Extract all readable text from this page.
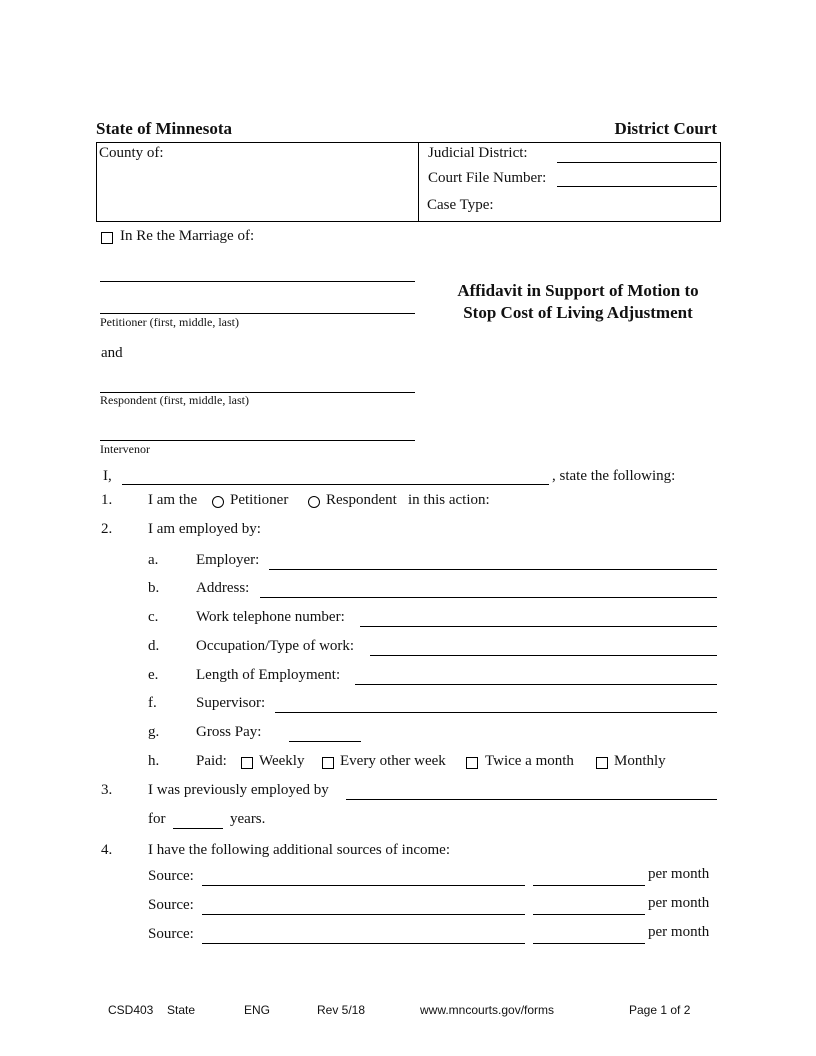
State of Minnesota	District Court
County of:	Judicial District:
Court File Number:
Case Type:
In Re the Marriage of:
Petitioner (first, middle, last)
and
Respondent (first, middle, last)
Intervenor
Affidavit in Support of Motion to
Stop Cost of Living Adjustment
I,	, state the following:
1. I am the Petitioner	Respondent in this action:
2. I am employed by:
a.	Employer:
b. Address:
c.	Work telephone number:
d. Occupation/Type of work:
e.	Length of Employment:
f.	Supervisor:
g. Gross Pay:
h. Paid: Weekly Every other week	Twice a month	Monthly
3. I was previously employed by
for	years.
4. I have the following additional sources of income:
Source:	per month
Source:	per month
Source:	per month
CSD403 State	ENG	Rev 5/18	www.mncourts.gov/forms	Page 1 of 2
